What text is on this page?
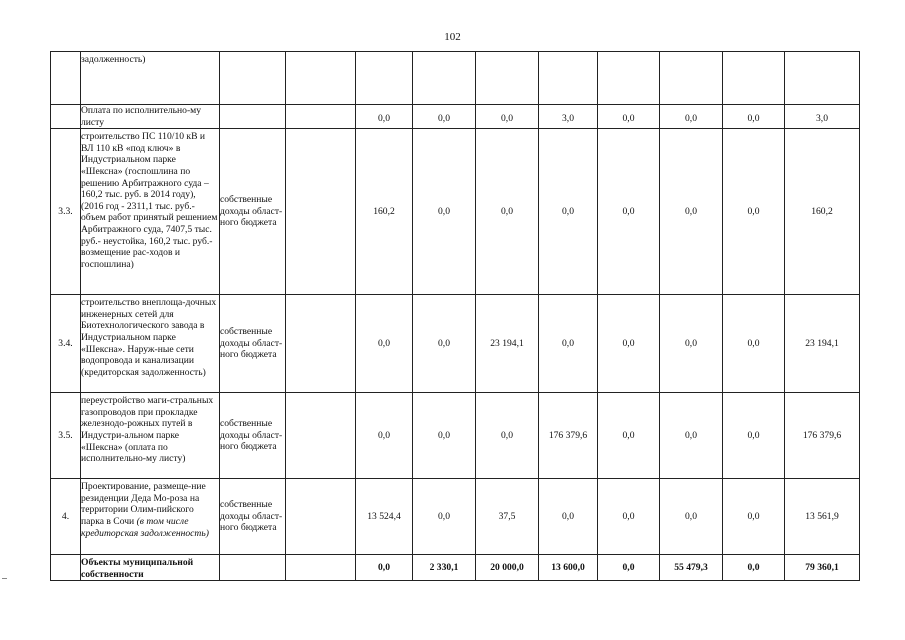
102
	задолженность)										
	Оплата по исполнительно-му листу			0,0	0,0	0,0	3,0	0,0	0,0	0,0	3,0
3.3.	строительство ПС 110/10 кВ и ВЛ 110 кВ «под ключ» в Индустриальном парке «Шексна» (госпошлина по решению Арбитражного суда – 160,2 тыс. руб. в 2014 году), (2016 год - 2311,1 тыс. руб.- объем работ принятый решением Арбитражного суда, 7407,5 тыс. руб.- неустойка, 160,2 тыс. руб.- возмещение рас-ходов и госпошлина)	собственные доходы област-ного бюджета		160,2	0,0	0,0	0,0	0,0	0,0	0,0	160,2
3.4.	строительство внеплоща-дочных инженерных сетей для Биотехнологического завода в Индустриальном парке «Шексна». Наруж-ные сети водопровода и канализации (кредиторская задолженность)	собственные доходы област-ного бюджета		0,0	0,0	23 194,1	0,0	0,0	0,0	0,0	23 194,1
3.5.	переустройство маги-стральных газопроводов при прокладке железнодо-рожных путей в Индустри-альном парке «Шексна» (оплата по исполнительно-му листу)	собственные доходы област-ного бюджета		0,0	0,0	0,0	176 379,6	0,0	0,0	0,0	176 379,6
4.	Проектирование, размеще-ние резиденции Деда Мо-роза на территории Олим-пийского парка в Сочи (в том числе кредиторская задолженность)	собственные доходы област-ного бюджета		13 524,4	0,0	37,5	0,0	0,0	0,0	0,0	13 561,9
	Объекты муниципальной собственности			0,0	2 330,1	20 000,0	13 600,0	0,0	55 479,3	0,0	79 360,1
